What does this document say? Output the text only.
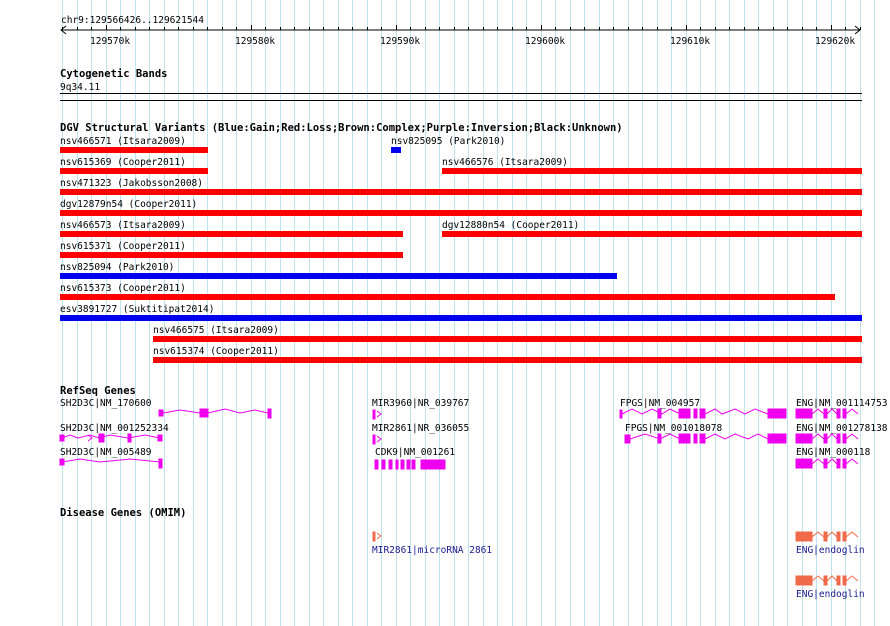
chr9:129566426..129621544
129570k	129580k	129590k	129600k	129610k	129620k
Cytogenetic Bands
9q34.11
DGV Structural Variants (Blue:Gain;Red:Loss;Brown:Complex;Purple:Inversion;Black:Unknown)
nsv466571 (Itsara2009)	nsv825095 (Park2010)
nsv615369 (Cooper2011)	nsv466576 (Itsara2009)
nsv471323 (Jakobsson2008)
dgv12879n54 (Cooper2011)
nsv466573 (Itsara2009)	dgv12880n54 (Cooper2011)
nsv615371 (Cooper2011)
nsv825094 (Park2010)
nsv615373 (Cooper2011)
esv3891727 (Suktitipat2014)
nsv466575 (Itsara2009)
nsv615374 (Cooper2011)
RefSeq Genes
SH2D3C|NM_170600
SH2D3C|NM_001252334
SH2D3C|NM_005489
MIR3960|NR_039767
MIR2861|NR_036055
CDK9|NM_001261
FPGS|NM_004957
FPGS|NM_001018078
ENG|NM_001114753
ENG|NM_001278138
ENG|NM_000118
Disease Genes (OMIM)
MIR2861|microRNA 2861	ENG|endoglin
ENG|endoglin
